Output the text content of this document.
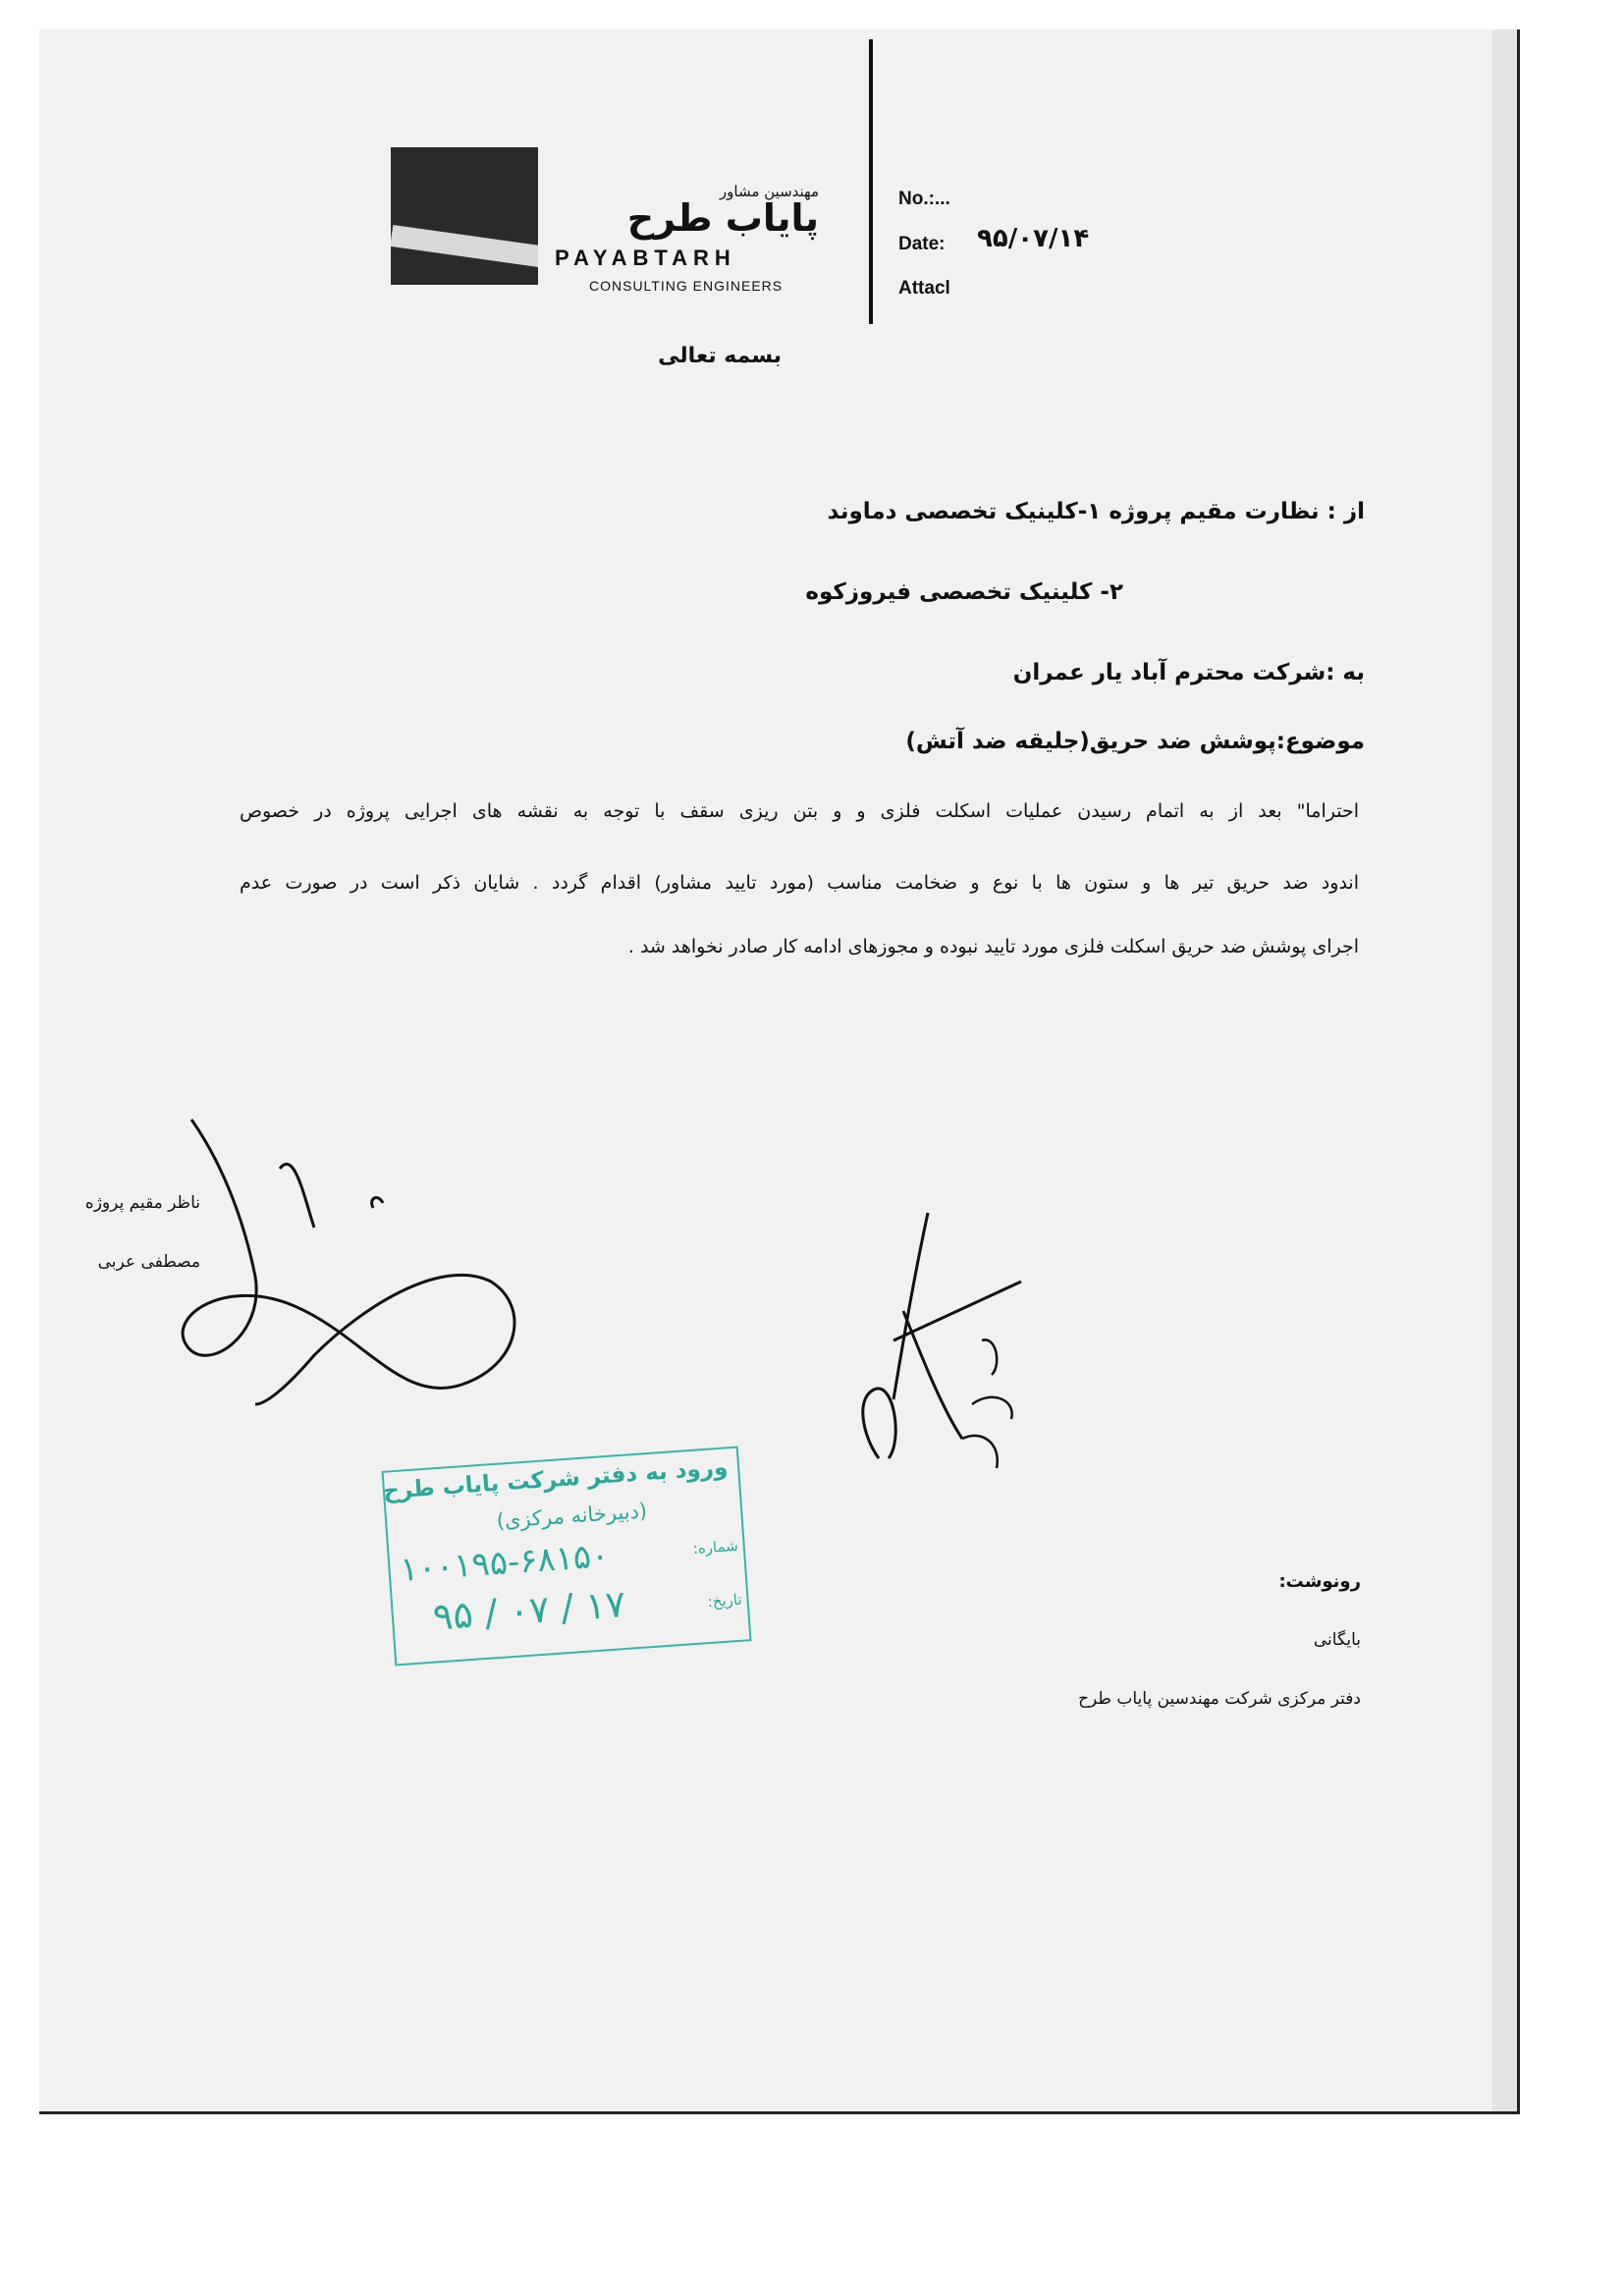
مهندسین مشاور
پایاب طرح
PAYABTARH
CONSULTING ENGINEERS
No.:...
Date: ۹۵/۰۷/۱۴
Attacl
بسمه تعالی
از : نظارت مقیم پروژه ۱-کلینیک تخصصی دماوند
۲- کلینیک تخصصی فیروزکوه
به :شرکت محترم آباد یار عمران
موضوع:پوشش ضد حریق(جلیقه ضد آتش)
احتراما" بعد از به اتمام رسیدن عملیات اسکلت فلزی و و بتن ریزی سقف با توجه به نقشه های اجرایی پروژه در خصوص
اندود ضد حریق تیر ها و ستون ها با نوع و ضخامت مناسب (مورد تایید مشاور) اقدام گردد . شایان ذکر است در صورت عدم
اجرای پوشش ضد حریق اسکلت فلزی مورد تایید نبوده و مجوزهای ادامه کار صادر نخواهد شد .
ناظر مقیم پروژه
مصطفی عربی
ورود به دفتر شرکت پایاب طرح
(دبیرخانه مرکزی)
شماره:
۱۰۰۱۹۵-۶۸۱۵۰
تاریخ:
۹۵ / ۰۷ / ۱۷
رونوشت:
بایگانی
دفتر مرکزی شرکت مهندسین پایاب طرح
